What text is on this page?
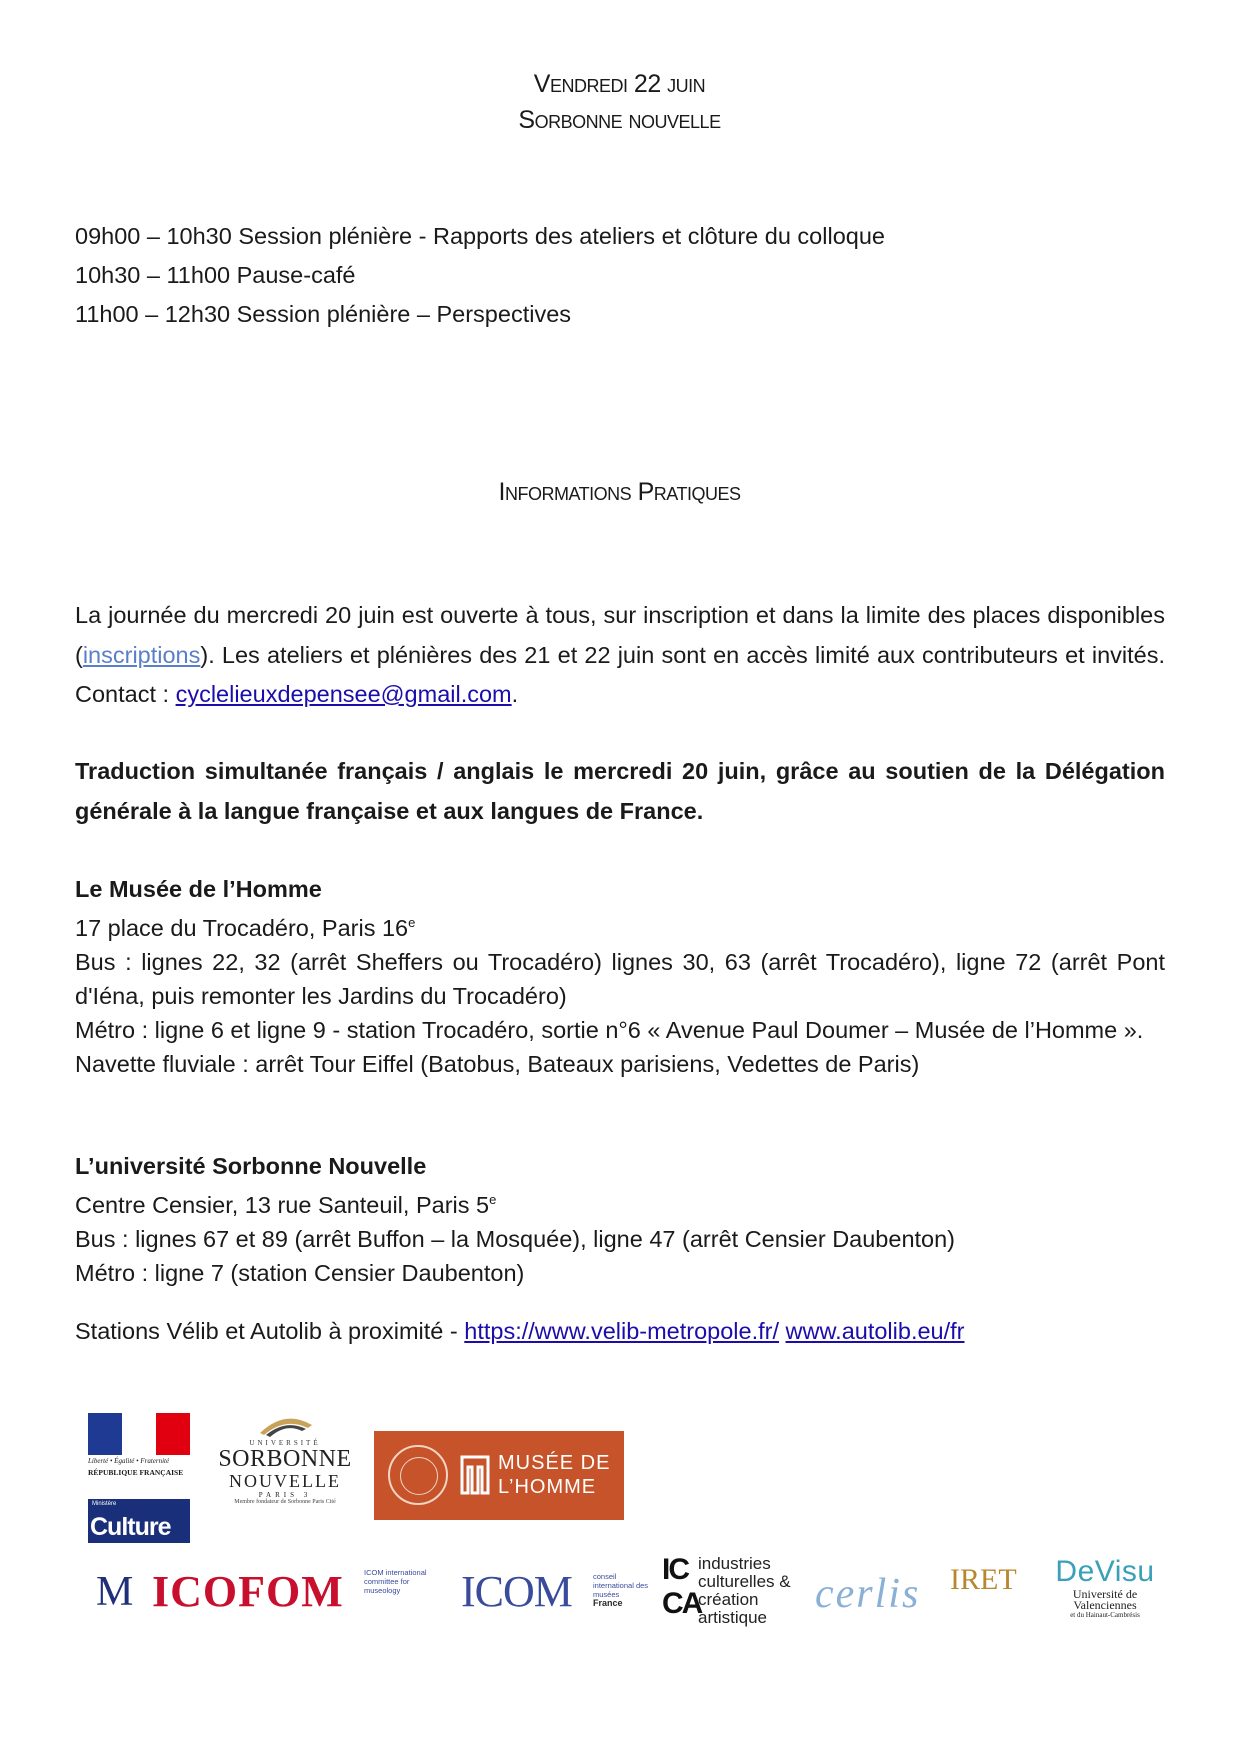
Vendredi 22 juin
Sorbonne nouvelle
09h00 – 10h30 Session plénière - Rapports des ateliers et clôture du colloque
10h30 – 11h00 Pause-café
11h00 – 12h30 Session plénière – Perspectives
Informations Pratiques
La journée du mercredi 20 juin est ouverte à tous, sur inscription et dans la limite des places disponibles (inscriptions). Les ateliers et plénières des 21 et 22 juin sont en accès limité aux contributeurs et invités. Contact : cyclelieuxdepensee@gmail.com.
Traduction simultanée français / anglais le mercredi 20 juin, grâce au soutien de la Délégation générale à la langue française et aux langues de France.
Le Musée de l’Homme
17 place du Trocadéro, Paris 16e
Bus : lignes 22, 32 (arrêt Sheffers ou Trocadéro) lignes 30, 63 (arrêt Trocadéro), ligne 72 (arrêt Pont d'Iéna, puis remonter les Jardins du Trocadéro)
Métro : ligne 6 et ligne 9 - station Trocadéro, sortie n°6 « Avenue Paul Doumer – Musée de l’Homme ».
Navette fluviale : arrêt Tour Eiffel (Batobus, Bateaux parisiens, Vedettes de Paris)
L’université Sorbonne Nouvelle
Centre Censier, 13 rue Santeuil, Paris 5e
Bus : lignes 67 et 89 (arrêt Buffon – la Mosquée), ligne 47 (arrêt Censier Daubenton)
Métro : ligne 7 (station Censier Daubenton)
Stations Vélib et Autolib à proximité - https://www.velib-metropole.fr/ www.autolib.eu/fr
Liberté • Égalité • Fraternité
RÉPUBLIQUE FRANÇAISE
Ministère
Culture
UNIVERSITÉ
SORBONNE
NOUVELLE
PARIS 3
Membre fondateur de Sorbonne Paris Cité
MUSÉE DE
L’HOMME
M ICOFOM	ICOM international committee for museology	ICOM	conseil international des musées
France
IC CA
industries culturelles & création artistique
cerlis IRET	DeVisu
Université de Valenciennes
et du Hainaut-Cambrésis
